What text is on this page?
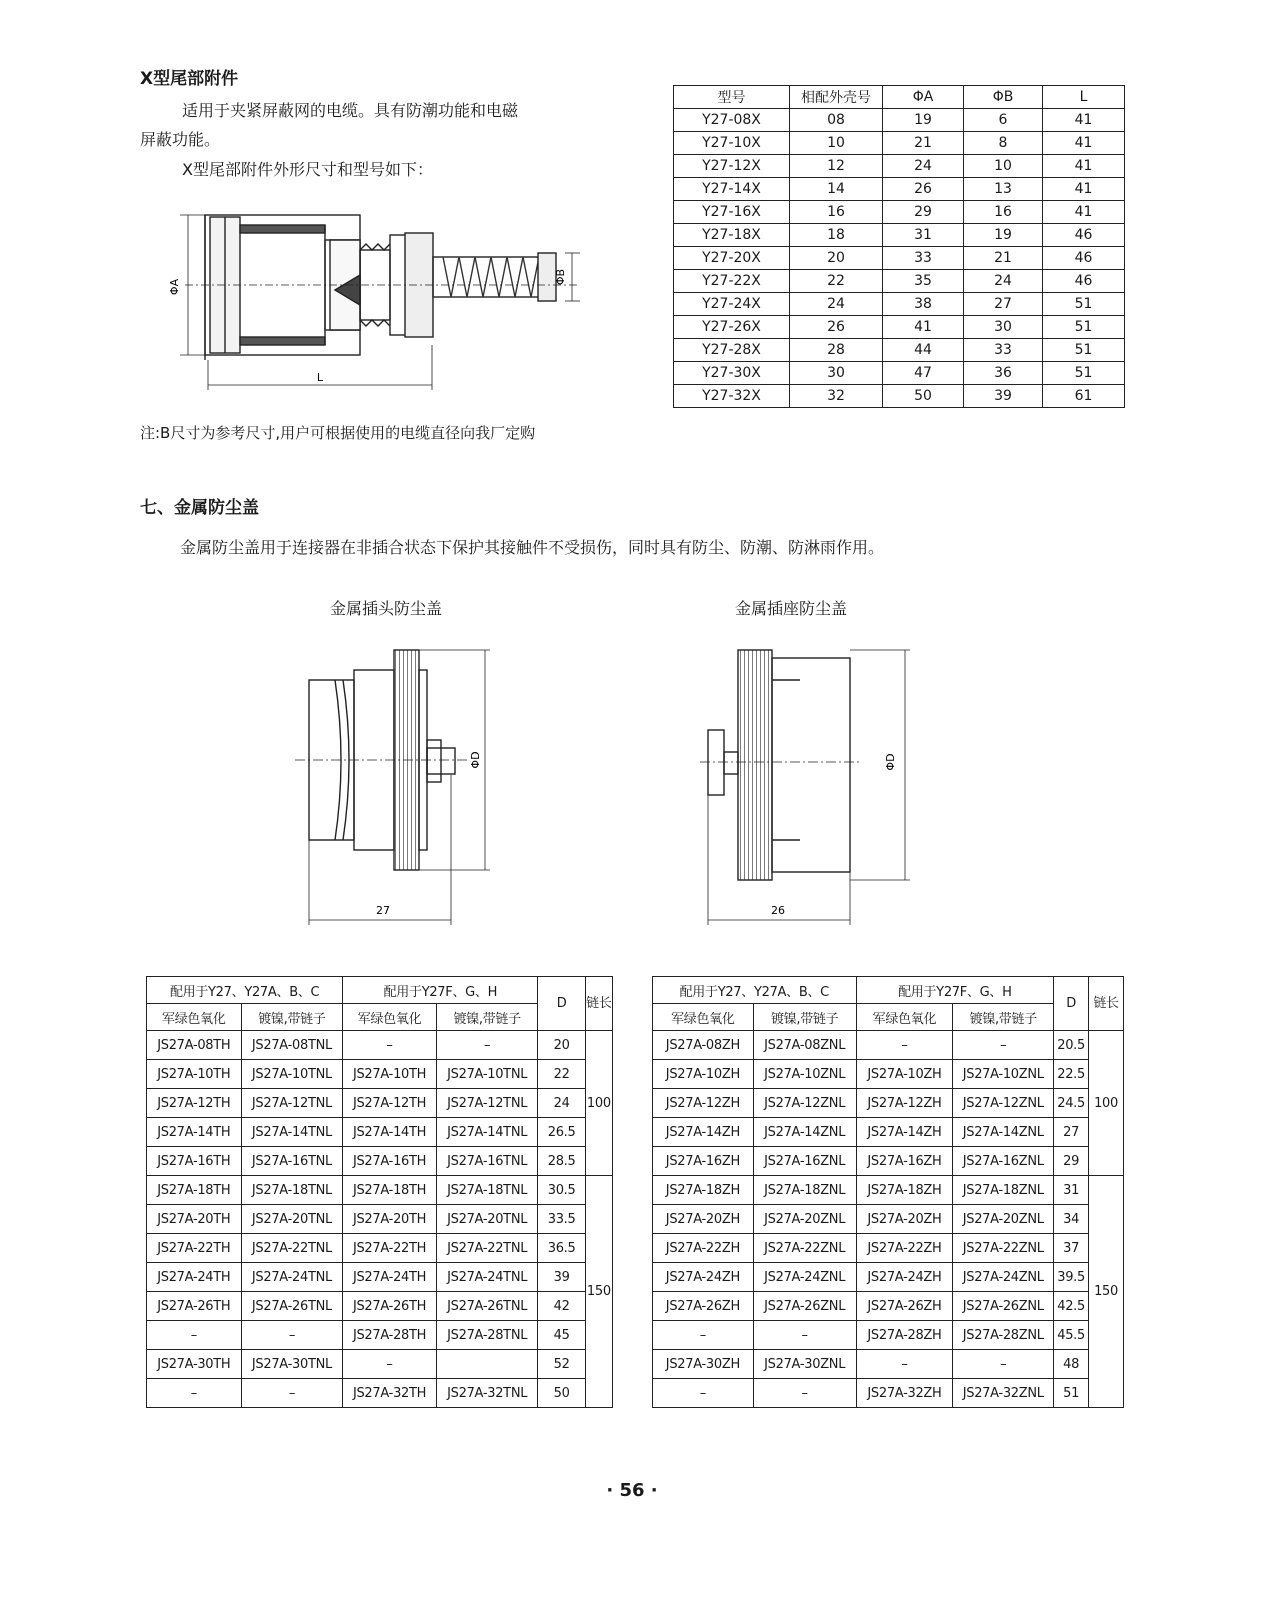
X型尾部附件
适用于夹紧屏蔽网的电缆。具有防潮功能和电磁
屏蔽功能。
X型尾部附件外形尺寸和型号如下：
ΦA
ΦB
L
注:B尺寸为参考尺寸,用户可根据使用的电缆直径向我厂定购
型号	相配外壳号	ΦA	ΦB	L
Y27-08X	08	19	6	41
Y27-10X	10	21	8	41
Y27-12X	12	24	10	41
Y27-14X	14	26	13	41
Y27-16X	16	29	16	41
Y27-18X	18	31	19	46
Y27-20X	20	33	21	46
Y27-22X	22	35	24	46
Y27-24X	24	38	27	51
Y27-26X	26	41	30	51
Y27-28X	28	44	33	51
Y27-30X	30	47	36	51
Y27-32X	32	50	39	61
七、金属防尘盖
金属防尘盖用于连接器在非插合状态下保护其接触件不受损伤，同时具有防尘、防潮、防淋雨作用。
金属插头防尘盖	金属插座防尘盖
ΦD
27
ΦD
26
配用于Y27、Y27A、B、C		配用于Y27F、G、H		D	链长
军绿色氧化	镀镍,带链子	军绿色氧化	镀镍,带链子		
JS27A-08TH	JS27A-08TNL	–	–	20	100
JS27A-10TH	JS27A-10TNL	JS27A-10TH	JS27A-10TNL	22	
JS27A-12TH	JS27A-12TNL	JS27A-12TH	JS27A-12TNL	24	
JS27A-14TH	JS27A-14TNL	JS27A-14TH	JS27A-14TNL	26.5	
JS27A-16TH	JS27A-16TNL	JS27A-16TH	JS27A-16TNL	28.5	
JS27A-18TH	JS27A-18TNL	JS27A-18TH	JS27A-18TNL	30.5	150
JS27A-20TH	JS27A-20TNL	JS27A-20TH	JS27A-20TNL	33.5	
JS27A-22TH	JS27A-22TNL	JS27A-22TH	JS27A-22TNL	36.5	
JS27A-24TH	JS27A-24TNL	JS27A-24TH	JS27A-24TNL	39	
JS27A-26TH	JS27A-26TNL	JS27A-26TH	JS27A-26TNL	42	
–	–	JS27A-28TH	JS27A-28TNL	45	
JS27A-30TH	JS27A-30TNL	–		52	
–	–	JS27A-32TH	JS27A-32TNL	50	
配用于Y27、Y27A、B、C		配用于Y27F、G、H		D	链长
军绿色氧化	镀镍,带链子	军绿色氧化	镀镍,带链子		
JS27A-08ZH	JS27A-08ZNL	–	–	20.5	100
JS27A-10ZH	JS27A-10ZNL	JS27A-10ZH	JS27A-10ZNL	22.5	
JS27A-12ZH	JS27A-12ZNL	JS27A-12ZH	JS27A-12ZNL	24.5	
JS27A-14ZH	JS27A-14ZNL	JS27A-14ZH	JS27A-14ZNL	27	
JS27A-16ZH	JS27A-16ZNL	JS27A-16ZH	JS27A-16ZNL	29	
JS27A-18ZH	JS27A-18ZNL	JS27A-18ZH	JS27A-18ZNL	31	150
JS27A-20ZH	JS27A-20ZNL	JS27A-20ZH	JS27A-20ZNL	34	
JS27A-22ZH	JS27A-22ZNL	JS27A-22ZH	JS27A-22ZNL	37	
JS27A-24ZH	JS27A-24ZNL	JS27A-24ZH	JS27A-24ZNL	39.5	
JS27A-26ZH	JS27A-26ZNL	JS27A-26ZH	JS27A-26ZNL	42.5	
–	–	JS27A-28ZH	JS27A-28ZNL	45.5	
JS27A-30ZH	JS27A-30ZNL	–	–	48	
–	–	JS27A-32ZH	JS27A-32ZNL	51	
· 56 ·
